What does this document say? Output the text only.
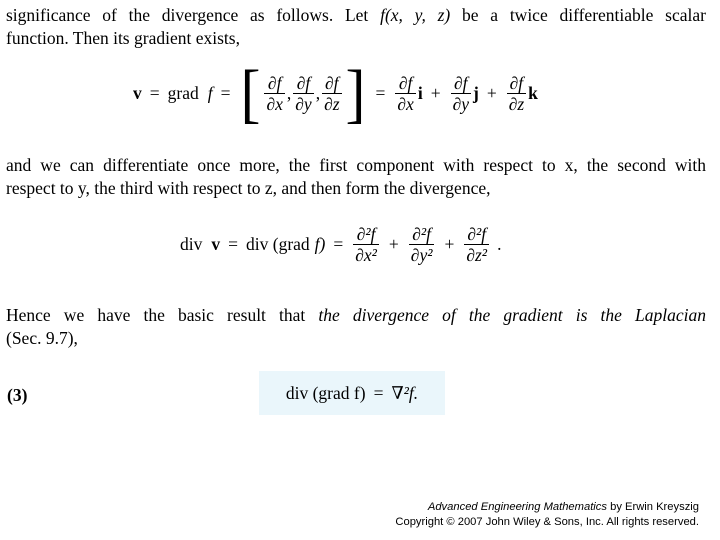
significance of the divergence as follows. Let f(x, y, z) be a twice differentiable scalar
function. Then its gradient exists,
v = grad f = [ $\frac{\partial f}{\partial x}$ , $\frac{\partial f}{\partial y}$ , $\frac{\partial f}{\partial z}$ ] = $\frac{\partial f}{\partial x}$ $i + \frac{\partial f}{\partial y}$ $j + \frac{\partial f}{\partial z}$ k
and we can differentiate once more, the first component with respect to x, the second with
respect to y, the third with respect to z, and then form the divergence,
div v = div (grad $f) = \frac{\text{∂²f}}{\text{∂x²}} + \frac{\text{∂²f}}{\text{∂y²}} + \frac{\text{∂²f}}{\text{∂z²}}$ .
Hence we have the basic result that the divergence of the gradient is the Laplacian
(Sec. 9.7),
(3)	div (grad f) = ∇²f.
Advanced Engineering Mathematics by Erwin Kreyszig
Copyright © 2007 John Wiley & Sons, Inc. All rights reserved.
